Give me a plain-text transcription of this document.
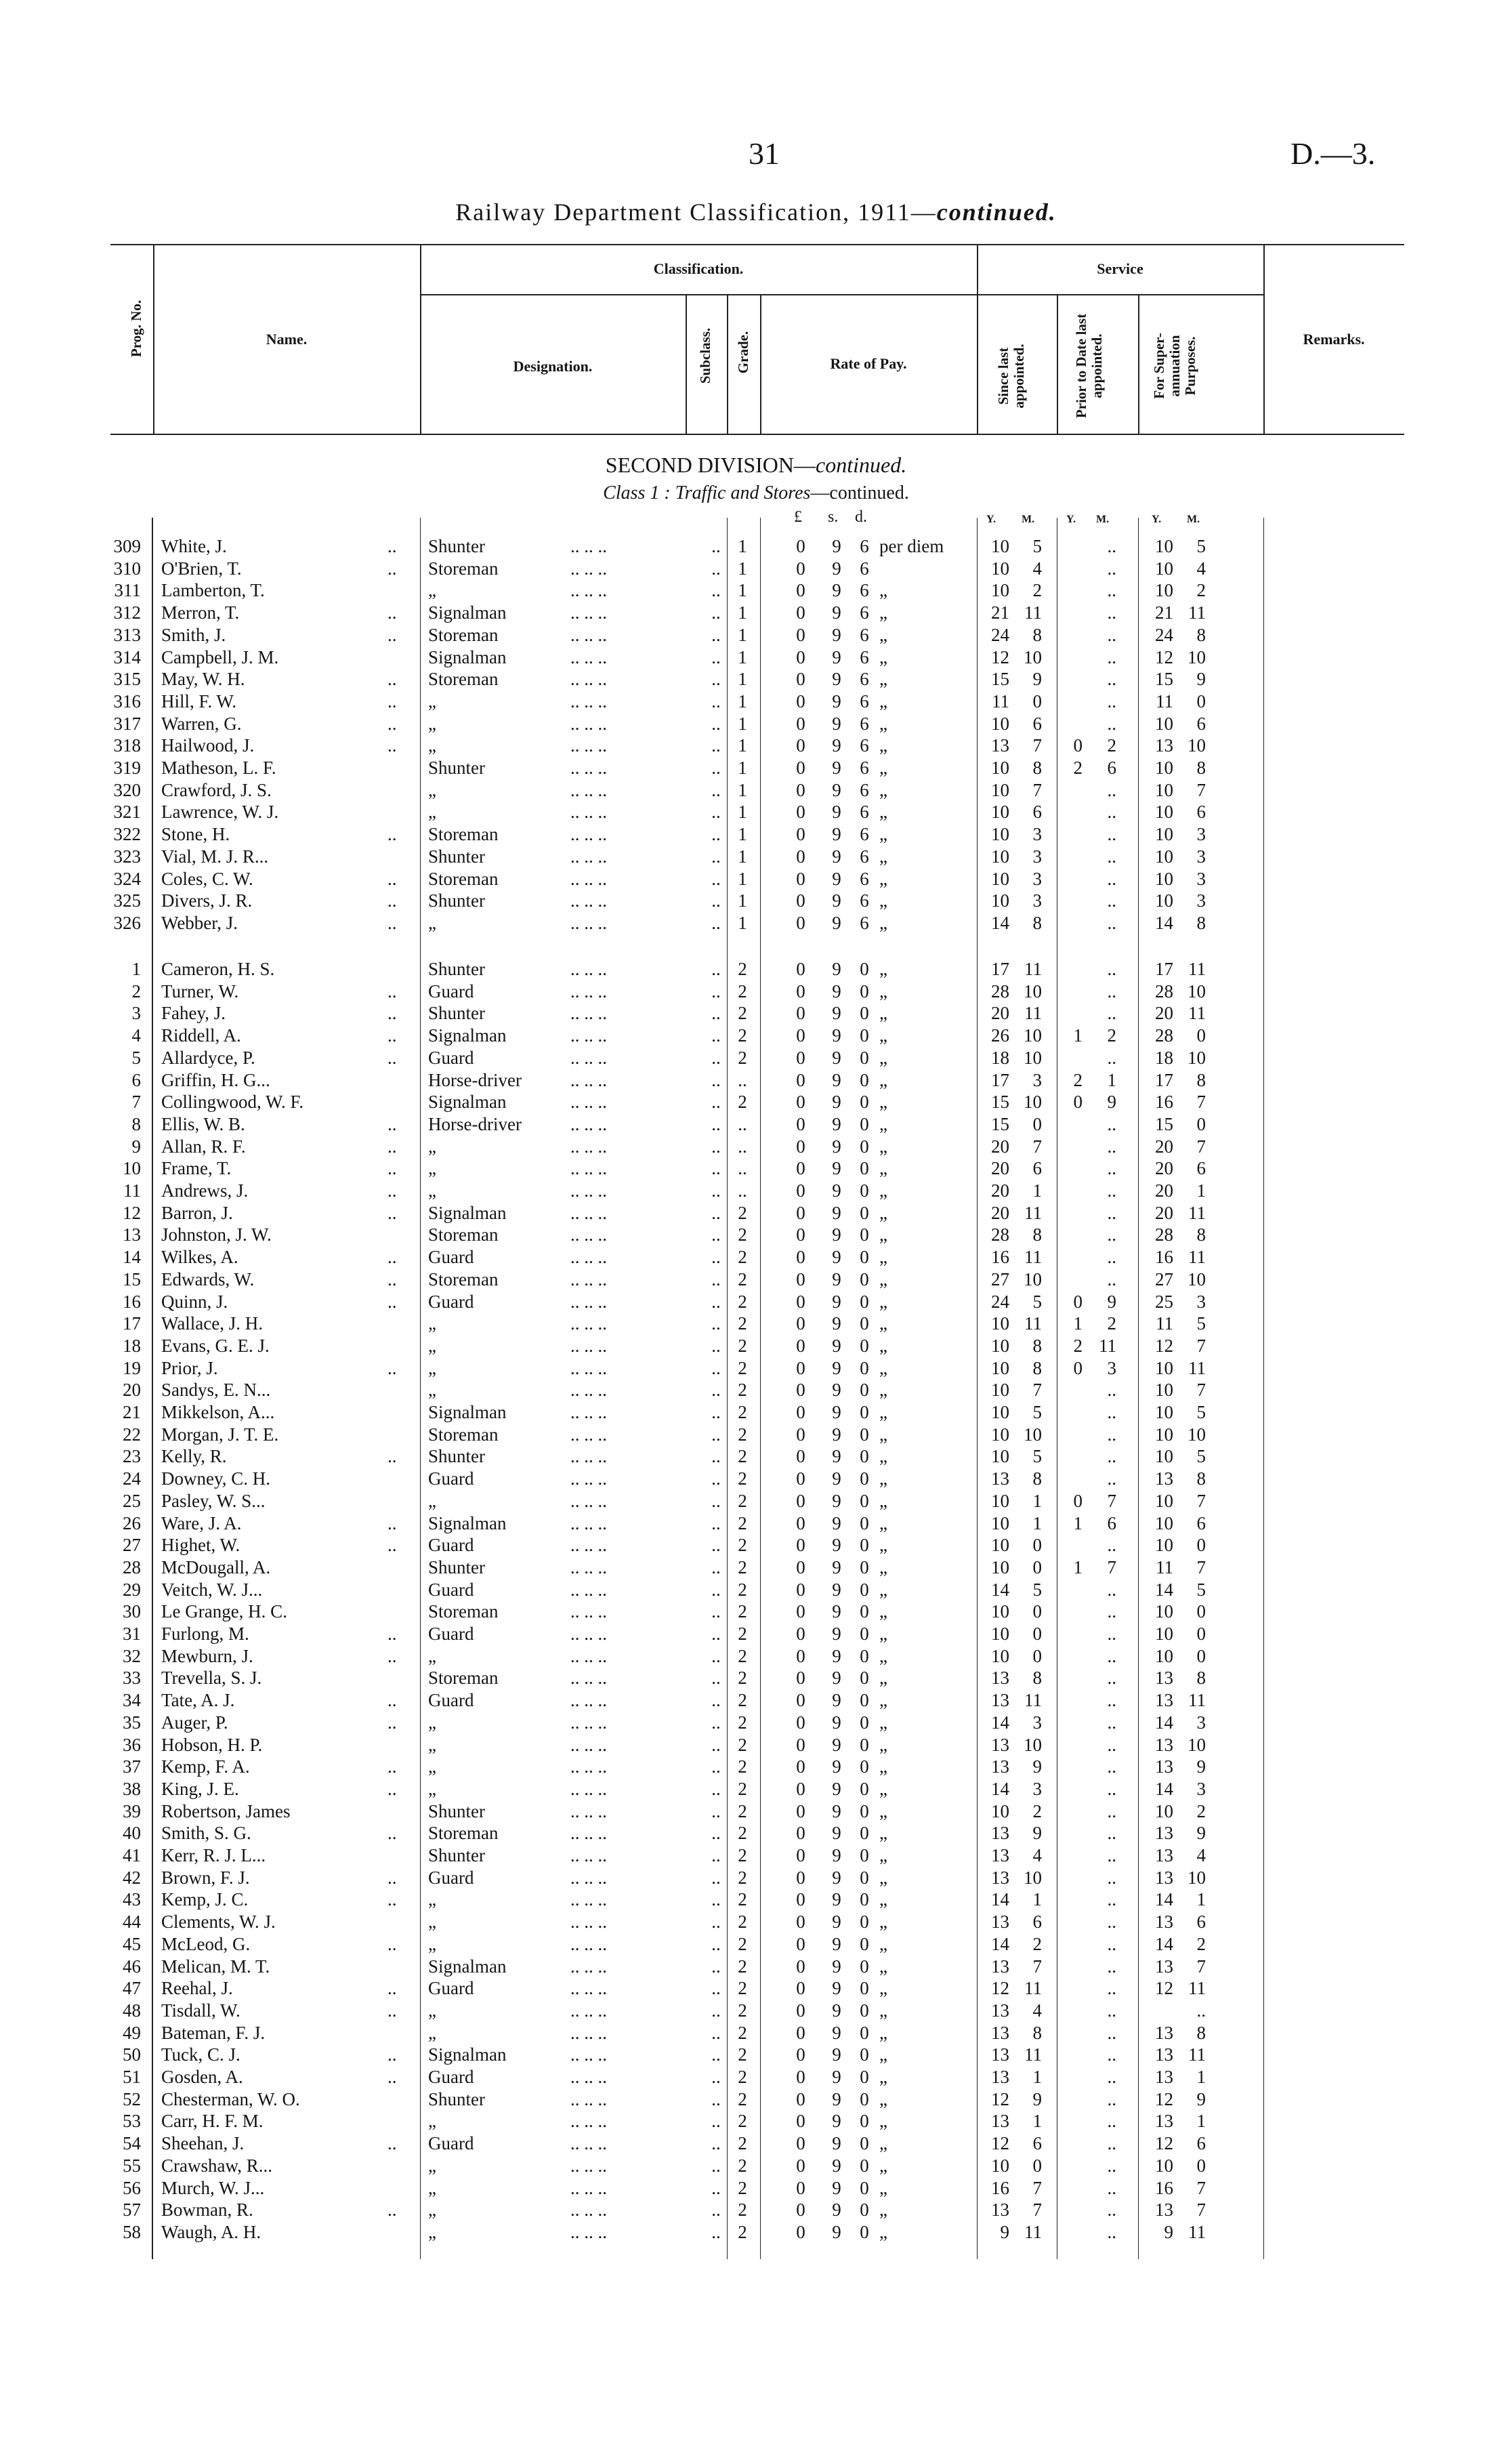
31	D.—3.
Railway Department Classification, 1911—continued.
Prog. No.	Name.
Classification.
Designation.	Subclass. Grade.	Rate of Pay.
Service
Since last appointed.	Prior to Date last appointed.	For Super-annuation Purposes.	Remarks.
SECOND DIVISION—continued.
Class 1 : Traffic and Stores—continued.
£ s. d.	Y. M.	Y. M.	Y. M.
309 White, J.	..	Shunter	.. 1	0	9	6 per diem	10	5	..	10	5
.. .. ..
310 O'Brien, T.	..	Storeman	.. 1	0	9	6	10	4	..	10	4
.. .. ..
311 Lamberton, T.	„	.. 1	0	9	6 „	10	2	..	10	2
.. .. ..
312 Merron, T.	..	Signalman	.. 1	0	9	6 „	21 11	..	21 11
.. .. ..
313 Smith, J.	..	Storeman	.. 1	0	9	6 „	24	8	..	24	8
.. .. ..
314 Campbell, J. M.	Signalman	.. 1	0	9	6 „	12 10	..	12 10
.. .. ..
315 May, W. H.	..	Storeman	.. 1	0	9	6 „	15	9	..	15	9
.. .. ..
316 Hill, F. W.	..	„	.. 1	0	9	6 „	11	0	..	11	0
.. .. ..
317 Warren, G.	..	„	.. 1	0	9	6 „	10	6	..	10	6
.. .. ..
318 Hailwood, J.	..	„	.. 1	0	9	6 „	13	7	0	2	13 10
.. .. ..
319 Matheson, L. F.	Shunter	.. 1	0	9	6 „	10	8	2	6	10	8
.. .. ..
320 Crawford, J. S.	„	.. 1	0	9	6 „	10	7	..	10	7
.. .. ..
321 Lawrence, W. J.	„	.. 1	0	9	6 „	10	6	..	10	6
.. .. ..
322 Stone, H.	..	Storeman	.. 1	0	9	6 „	10	3	..	10	3
.. .. ..
323 Vial, M. J. R...	Shunter	.. 1	0	9	6 „	10	3	..	10	3
.. .. ..
324 Coles, C. W.	..	Storeman	.. 1	0	9	6 „	10	3	..	10	3
.. .. ..
325 Divers, J. R.	..	Shunter	.. 1	0	9	6 „	10	3	..	10	3
.. .. ..
326 Webber, J.	..	„	.. 1	0	9	6 „	14	8	..	14	8
.. .. ..
1 Cameron, H. S.	Shunter	.. 2	0	9	0 „	17 11	..	17 11
.. .. ..
2 Turner, W.	..	Guard	.. 2	0	9	0 „	28 10	..	28 10
.. .. ..
3 Fahey, J.	..	Shunter	.. 2	0	9	0 „	20 11	..	20 11
.. .. ..
4 Riddell, A.	..	Signalman	.. 2	0	9	0 „	26 10	1	2	28	0
.. .. ..
5 Allardyce, P.	..	Guard	.. 2	0	9	0 „	18 10	..	18 10
.. .. ..
6 Griffin, H. G...	Horse-driver	.. ..	0	9	0 „	17	3	2	1	17	8
.. .. ..
7 Collingwood, W. F.	Signalman	.. 2	0	9	0 „	15 10	0	9	16	7
.. .. ..
8 Ellis, W. B.	..	Horse-driver	.. ..	0	9	0 „	15	0	..	15	0
.. .. ..
9 Allan, R. F.	..	„	.. ..	0	9	0 „	20	7	..	20	7
.. .. ..
10 Frame, T.	..	„	.. ..	0	9	0 „	20	6	..	20	6
.. .. ..
11 Andrews, J.	..	„	.. ..	0	9	0 „	20	1	..	20	1
.. .. ..
12 Barron, J.	..	Signalman	.. 2	0	9	0 „	20 11	..	20 11
.. .. ..
13 Johnston, J. W.	Storeman	.. 2	0	9	0 „	28	8	..	28	8
.. .. ..
14 Wilkes, A.	..	Guard	.. 2	0	9	0 „	16 11	..	16 11
.. .. ..
15 Edwards, W.	..	Storeman	.. 2	0	9	0 „	27 10	..	27 10
.. .. ..
16 Quinn, J.	..	Guard	.. 2	0	9	0 „	24	5	0	9	25	3
.. .. ..
17 Wallace, J. H.	„	.. 2	0	9	0 „	10 11	1	2	11	5
.. .. ..
18 Evans, G. E. J.	„	.. 2	0	9	0 „	10	8	2 11	12	7
.. .. ..
19 Prior, J.	..	„	.. 2	0	9	0 „	10	8	0	3	10 11
.. .. ..
20 Sandys, E. N...	„	.. 2	0	9	0 „	10	7	..	10	7
.. .. ..
21 Mikkelson, A...	Signalman	.. 2	0	9	0 „	10	5	..	10	5
.. .. ..
22 Morgan, J. T. E.	Storeman	.. 2	0	9	0 „	10 10	..	10 10
.. .. ..
23 Kelly, R.	..	Shunter	.. 2	0	9	0 „	10	5	..	10	5
.. .. ..
24 Downey, C. H.	Guard	.. 2	0	9	0 „	13	8	..	13	8
.. .. ..
25 Pasley, W. S...	„	.. 2	0	9	0 „	10	1	0	7	10	7
.. .. ..
26 Ware, J. A.	..	Signalman	.. 2	0	9	0 „	10	1	1	6	10	6
.. .. ..
27 Highet, W.	..	Guard	.. 2	0	9	0 „	10	0	..	10	0
.. .. ..
28 McDougall, A.	Shunter	.. 2	0	9	0 „	10	0	1	7	11	7
.. .. ..
29 Veitch, W. J...	Guard	.. 2	0	9	0 „	14	5	..	14	5
.. .. ..
30 Le Grange, H. C.	Storeman	.. 2	0	9	0 „	10	0	..	10	0
.. .. ..
31 Furlong, M.	..	Guard	.. 2	0	9	0 „	10	0	..	10	0
.. .. ..
32 Mewburn, J.	..	„	.. 2	0	9	0 „	10	0	..	10	0
.. .. ..
33 Trevella, S. J.	Storeman	.. 2	0	9	0 „	13	8	..	13	8
.. .. ..
34 Tate, A. J.	..	Guard	.. 2	0	9	0 „	13 11	..	13 11
.. .. ..
35 Auger, P.	..	„	.. 2	0	9	0 „	14	3	..	14	3
.. .. ..
36 Hobson, H. P.	„	.. 2	0	9	0 „	13 10	..	13 10
.. .. ..
37 Kemp, F. A.	..	„	.. 2	0	9	0 „	13	9	..	13	9
.. .. ..
38 King, J. E.	..	„	.. 2	0	9	0 „	14	3	..	14	3
.. .. ..
39 Robertson, James	Shunter	.. 2	0	9	0 „	10	2	..	10	2
.. .. ..
40 Smith, S. G.	..	Storeman	.. 2	0	9	0 „	13	9	..	13	9
.. .. ..
41 Kerr, R. J. L...	Shunter	.. 2	0	9	0 „	13	4	..	13	4
.. .. ..
42 Brown, F. J.	..	Guard	.. 2	0	9	0 „	13 10	..	13 10
.. .. ..
43 Kemp, J. C.	..	„	.. 2	0	9	0 „	14	1	..	14	1
.. .. ..
44 Clements, W. J.	„	.. 2	0	9	0 „	13	6	..	13	6
.. .. ..
45 McLeod, G.	..	„	.. 2	0	9	0 „	14	2	..	14	2
.. .. ..
46 Melican, M. T.	Signalman	.. 2	0	9	0 „	13	7	..	13	7
.. .. ..
47 Reehal, J.	..	Guard	.. 2	0	9	0 „	12 11	..	12 11
.. .. ..
48 Tisdall, W.	..	„	.. 2	0	9	0 „	13	4	..	..
.. .. ..
49 Bateman, F. J.	„	.. 2	0	9	0 „	13	8	..	13	8
.. .. ..
50 Tuck, C. J.	..	Signalman	.. 2	0	9	0 „	13 11	..	13 11
.. .. ..
51 Gosden, A.	..	Guard	.. 2	0	9	0 „	13	1	..	13	1
.. .. ..
52 Chesterman, W. O.	Shunter	.. 2	0	9	0 „	12	9	..	12	9
.. .. ..
53 Carr, H. F. M.	„	.. 2	0	9	0 „	13	1	..	13	1
.. .. ..
54 Sheehan, J.	..	Guard	.. 2	0	9	0 „	12	6	..	12	6
.. .. ..
55 Crawshaw, R...	„	.. 2	0	9	0 „	10	0	..	10	0
.. .. ..
56 Murch, W. J...	„	.. 2	0	9	0 „	16	7	..	16	7
.. .. ..
57 Bowman, R.	..	„	.. 2	0	9	0 „	13	7	..	13	7
.. .. ..
58 Waugh, A. H.	„	.. 2	0	9	0 „	9 11	..	9 11
.. .. ..
